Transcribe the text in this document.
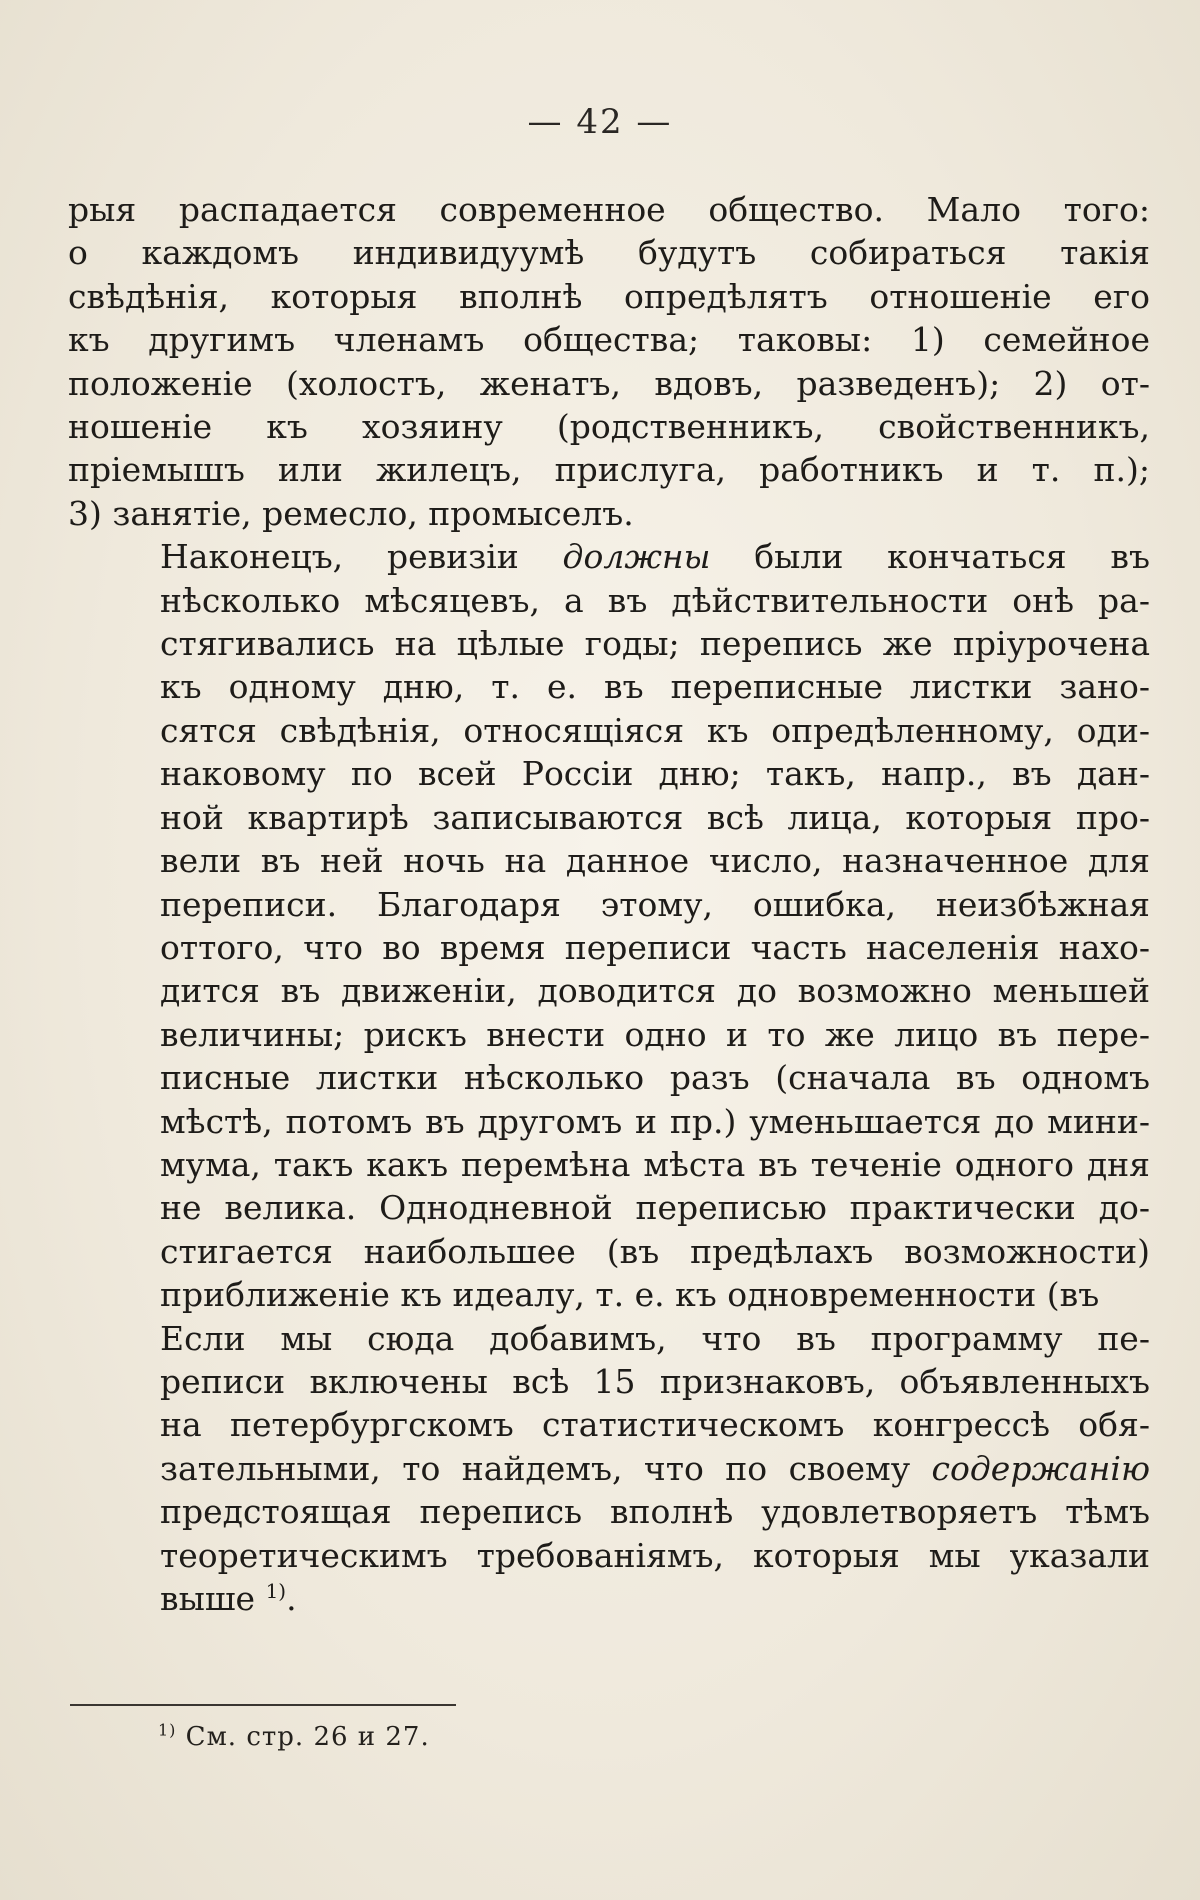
— 42 —

рыя распадается современное общество. Мало того:
о каждомъ индивидуумѣ будутъ собираться такія
свѣдѣнія, которыя вполнѣ опредѣлятъ отношеніе его
къ другимъ членамъ общества; таковы: 1) семейное
положеніе (холостъ, женатъ, вдовъ, разведенъ); 2) от-
ношеніе къ хозяину (родственникъ, свойственникъ,
пріемышъ или жилецъ, прислуга, работникъ и т. п.);
3) занятіе, ремесло, промыселъ.

Наконецъ, ревизіи должны были кончаться въ
нѣсколько мѣсяцевъ, а въ дѣйствительности онѣ ра-
стягивались на цѣлые годы; перепись же пріурочена
къ одному дню, т. е. въ переписные листки зано-
сятся свѣдѣнія, относящіяся къ опредѣленному, оди-
наковому по всей Россіи дню; такъ, напр., въ дан-
ной квартирѣ записываются всѣ лица, которыя про-
вели въ ней ночь на данное число, назначенное для
переписи. Благодаря этому, ошибка, неизбѣжная
оттого, что во время переписи часть населенія нахо-
дится въ движеніи, доводится до возможно меньшей
величины; рискъ внести одно и то же лицо въ пере-
писные листки нѣсколько разъ (сначала въ одномъ
мѣстѣ, потомъ въ другомъ и пр.) уменьшается до мини-
мума, такъ какъ перемѣна мѣста въ теченіе одного дня
не велика. Однодневной переписью практически до-
стигается наибольшее (въ предѣлахъ возможности)
приближеніе къ идеалу, т. е. къ одновременности (въ

Если мы сюда добавимъ, что въ программу пе-
реписи включены всѣ 15 признаковъ, объявленныхъ
на петербургскомъ статистическомъ конгрессѣ обя-
зательными, то найдемъ, что по своему содержанію
предстоящая перепись вполнѣ удовлетворяетъ тѣмъ
теоретическимъ требованіямъ, которыя мы указали
выше $^{1)}$.

$^{1)}$ См. стр. 26 и 27.
